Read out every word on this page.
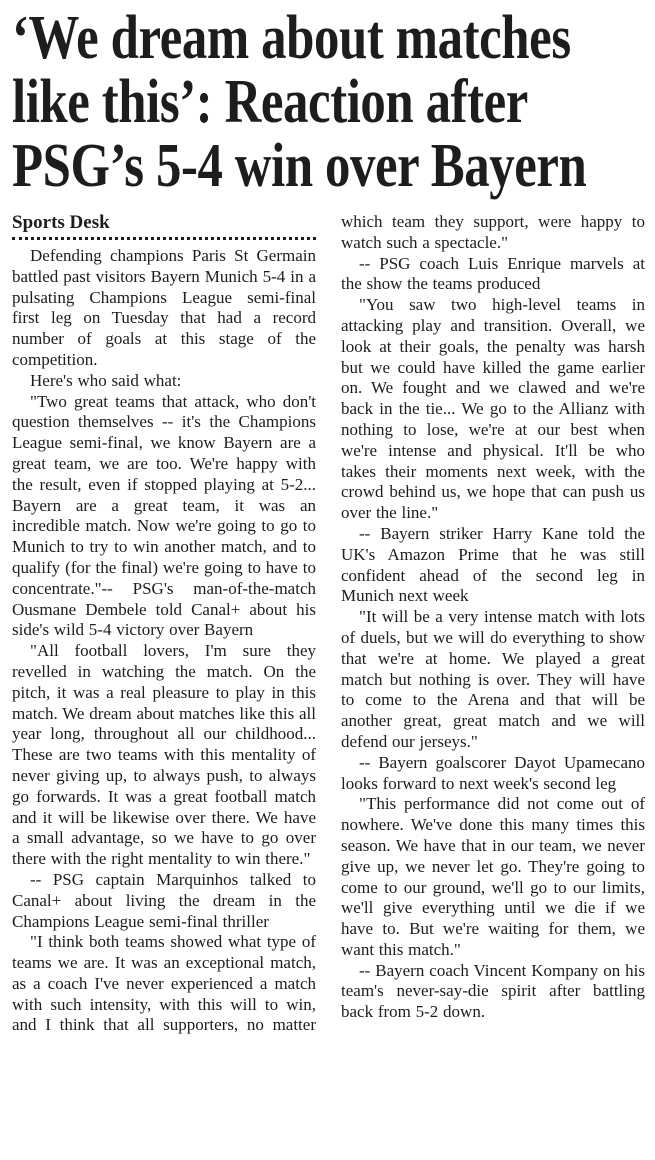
‘We dream about matches
like this’: Reaction after
PSG’s 5-4 win over Bayern
Sports Desk

Defending champions Paris St Germain battled past visitors Bayern Munich 5-4 in a pulsating Champions League semi-final first leg on Tuesday that had a record number of goals at this stage of the competition.

Here's who said what:

"Two great teams that attack, who don't question themselves -- it's the Champions League semi-final, we know Bayern are a great team, we are too. We're happy with the result, even if stopped playing at 5-2... Bayern are a great team, it was an incredible match. Now we're going to go to Munich to try to win another match, and to qualify (for the final) we're going to have to concentrate."-- PSG's man-of-the-match Ousmane Dembele told Canal+ about his side's wild 5-4 victory over Bayern

"All football lovers, I'm sure they revelled in watching the match. On the pitch, it was a real pleasure to play in this match. We dream about matches like this all year long, throughout all our childhood... These are two teams with this mentality of never giving up, to always push, to always go forwards. It was a great football match and it will be likewise over there. We have a small advantage, so we have to go over there with the right mentality to win there."

-- PSG captain Marquinhos talked to Canal+ about living the dream in the Champions League semi-final thriller

"I think both teams showed what type of teams we are. It was an exceptional match, as a coach I've never experienced a match with such intensity, with this will to win, and I think that all supporters, no matter which team they support, were happy to watch such a spectacle."

-- PSG coach Luis Enrique marvels at the show the teams produced

"You saw two high-level teams in attacking play and transition. Overall, we look at their goals, the penalty was harsh but we could have killed the game earlier on. We fought and we clawed and we're back in the tie... We go to the Allianz with nothing to lose, we're at our best when we're intense and physical. It'll be who takes their moments next week, with the crowd behind us, we hope that can push us over the line."

-- Bayern striker Harry Kane told the UK's Amazon Prime that he was still confident ahead of the second leg in Munich next week

"It will be a very intense match with lots of duels, but we will do everything to show that we're at home. We played a great match but nothing is over. They will have to come to the Arena and that will be another great, great match and we will defend our jerseys."

-- Bayern goalscorer Dayot Upamecano looks forward to next week's second leg

"This performance did not come out of nowhere. We've done this many times this season. We have that in our team, we never give up, we never let go. They're going to come to our ground, we'll go to our limits, we'll give everything until we die if we have to. But we're waiting for them, we want this match."

-- Bayern coach Vincent Kompany on his team's never-say-die spirit after battling back from 5-2 down.
